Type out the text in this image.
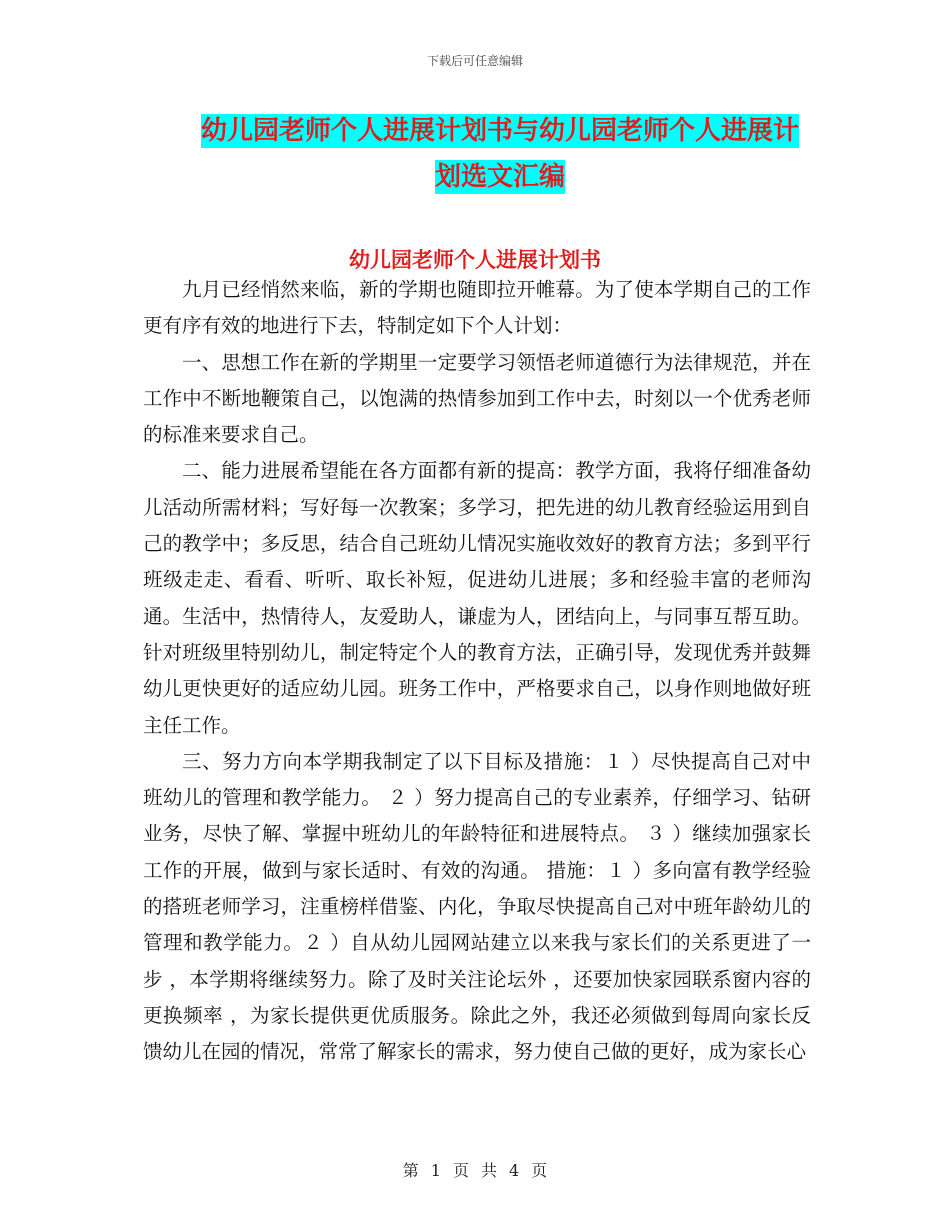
下载后可任意编辑
幼儿园老师个人进展计划书与幼儿园老师个人进展计
划选文汇编
幼儿园老师个人进展计划书

九月已经悄然来临，新的学期也随即拉开帷幕。为了使本学期自己的工作更有序有效的地进行下去，特制定如下个人计划：

一、思想工作在新的学期里一定要学习领悟老师道德行为法律规范，并在工作中不断地鞭策自己，以饱满的热情参加到工作中去，时刻以一个优秀老师的标准来要求自己。

二、能力进展希望能在各方面都有新的提高：教学方面，我将仔细准备幼儿活动所需材料；写好每一次教案；多学习，把先进的幼儿教育经验运用到自己的教学中；多反思，结合自己班幼儿情况实施收效好的教育方法；多到平行班级走走、看看、听听、取长补短，促进幼儿进展；多和经验丰富的老师沟通。生活中，热情待人，友爱助人，谦虚为人，团结向上，与同事互帮互助。针对班级里特别幼儿，制定特定个人的教育方法，正确引导，发现优秀并鼓舞幼儿更快更好的适应幼儿园。班务工作中，严格要求自己，以身作则地做好班主任工作。

三、努力方向本学期我制定了以下目标及措施：１ ）尽快提高自己对中班幼儿的管理和教学能力。 ２ ）努力提高自己的专业素养，仔细学习、钻研业务，尽快了解、掌握中班幼儿的年龄特征和进展特点。 ３ ）继续加强家长工作的开展，做到与家长适时、有效的沟通。 措施：１ ）多向富有教学经验的搭班老师学习，注重榜样借鉴、内化，争取尽快提高自己对中班年龄幼儿的管理和教学能力。２ ）自从幼儿园网站建立以来我与家长们的关系更进了一步 ，本学期将继续努力。除了及时关注论坛外 ，还要加快家园联系窗内容的更换频率 ，为家长提供更优质服务。除此之外，我还必须做到每周向家长反馈幼儿在园的情况，常常了解家长的需求，努力使自己做的更好，成为家长心

第 1 页 共 4 页
